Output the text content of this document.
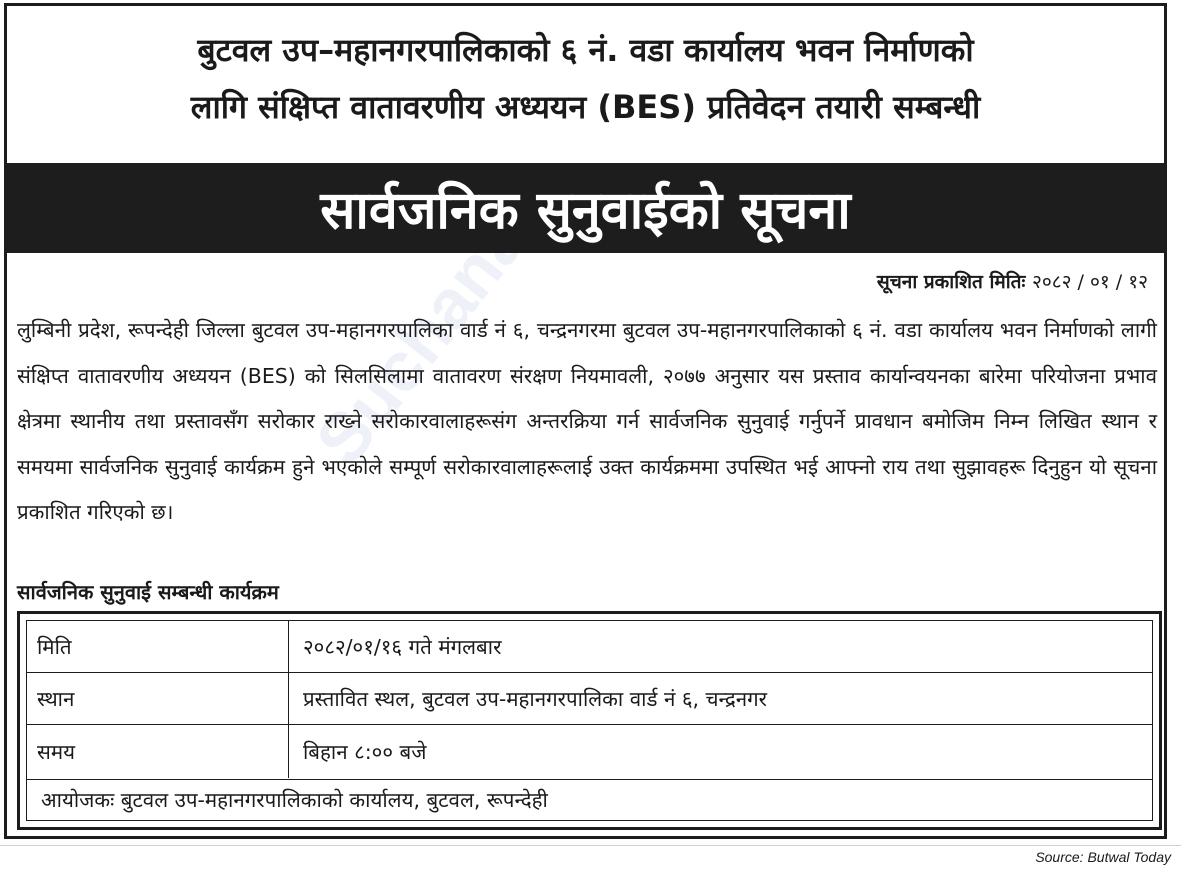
Suchana
बुटवल उप–महानगरपालिकाको ६ नं. वडा कार्यालय भवन निर्माणको
लागि संक्षिप्त वातावरणीय अध्ययन (BES) प्रतिवेदन तयारी सम्बन्धी
सार्वजनिक सुनुवाईको सूचना
सूचना प्रकाशित मितिः २०८२ / ०१ / १२
लुम्बिनी प्रदेश, रूपन्देही जिल्ला बुटवल उप-महानगरपालिका वार्ड नं ६, चन्द्रनगरमा बुटवल उप-महानगरपालिकाको ६ नं. वडा कार्यालय भवन निर्माणको लागी संक्षिप्त वातावरणीय अध्ययन (BES) को सिलसिलामा वातावरण संरक्षण नियमावली, २०७७ अनुसार यस प्रस्ताव कार्यान्वयनका बारेमा परियोजना प्रभाव क्षेत्रमा स्थानीय तथा प्रस्तावसँग सरोकार राख्ने सरोकारवालाहरूसंग अन्तरक्रिया गर्न सार्वजनिक सुनुवाई गर्नुपर्ने प्रावधान बमोजिम निम्न लिखित स्थान र समयमा सार्वजनिक सुनुवाई कार्यक्रम हुने भएकोले सम्पूर्ण सरोकारवालाहरूलाई उक्त कार्यक्रममा उपस्थित भई आफ्नो राय तथा सुझावहरू दिनुहुन यो सूचना प्रकाशित गरिएको छ।
सार्वजनिक सुनुवाई सम्बन्धी कार्यक्रम
मिति	२०८२/०१/१६ गते मंगलबार
स्थान	प्रस्तावित स्थल, बुटवल उप-महानगरपालिका वार्ड नं ६, चन्द्रनगर
समय	बिहान ८:०० बजे
आयोजकः बुटवल उप-महानगरपालिकाको कार्यालय, बुटवल, रूपन्देही
Source: Butwal Today
